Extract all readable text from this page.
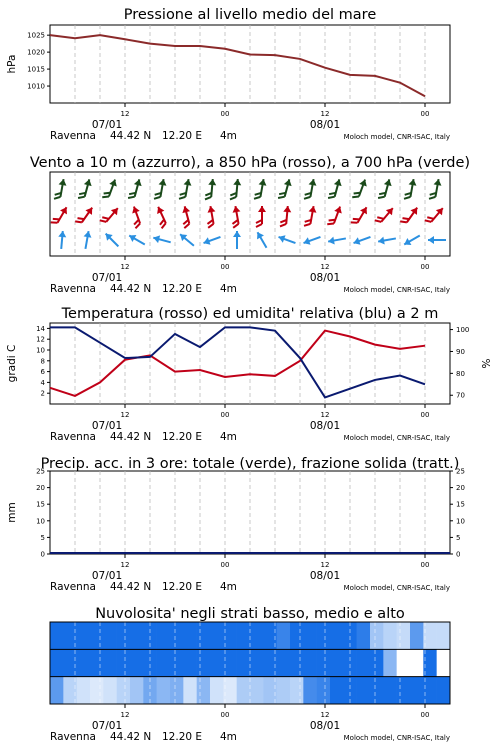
Pressione al livello medio del mare
12	00	12	00
07/01	08/01
Ravenna 44.42 N 12.20 E 4m	Moloch model, CNR-ISAC, Italy
1010
1015
1020
1025
hPa
Vento a 10 m (azzurro), a 850 hPa (rosso), a 700 hPa (verde)
12	00	12	00
07/01	08/01
Ravenna 44.42 N 12.20 E 4m	Moloch model, CNR-ISAC, Italy
Temperatura (rosso) ed umidita' relativa (blu) a 2 m
12	00	12	00
07/01	08/01
Ravenna 44.42 N 12.20 E 4m	Moloch model, CNR-ISAC, Italy
2
4
6
8
10
12
14
70
80
90
100
gradi C	%
Precip. acc. in 3 ore: totale (verde), frazione solida (tratt.)
12	00	12	00
07/01	08/01
Ravenna 44.42 N 12.20 E 4m	Moloch model, CNR-ISAC, Italy
0	0
5	5
10	10
15	15
20	20
25	25
mm
Nuvolosita' negli strati basso, medio e alto
12	00	12	00
07/01	08/01
Ravenna 44.42 N 12.20 E 4m	Moloch model, CNR-ISAC, Italy
